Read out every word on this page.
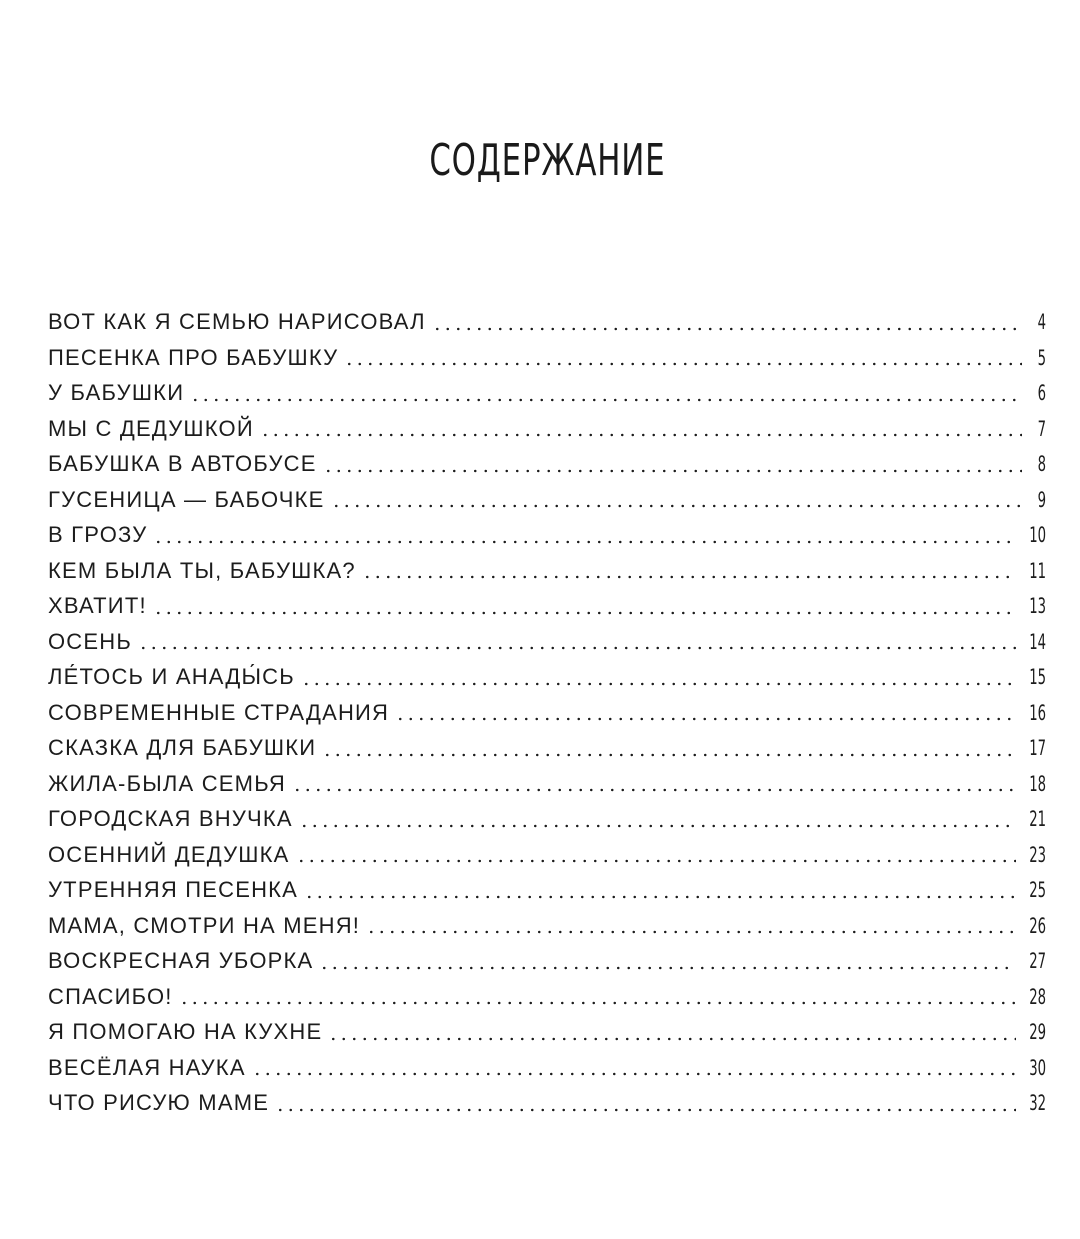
СОДЕРЖАНИЕ
ВОТ КАК Я СЕМЬЮ НАРИСОВАЛ	4
ПЕСЕНКА ПРО БАБУШКУ	5
У БАБУШКИ	6
МЫ С ДЕДУШКОЙ	7
БАБУШКА В АВТОБУСЕ	8
ГУСЕНИЦА — БАБОЧКЕ	9
В ГРОЗУ	10
КЕМ БЫЛА ТЫ, БАБУШКА?	11
ХВАТИТ!	13
ОСЕНЬ	14
ЛЕ́ТОСЬ И АНАДЫ́СЬ	15
СОВРЕМЕННЫЕ СТРАДАНИЯ	16
СКАЗКА ДЛЯ БАБУШКИ	17
ЖИЛА-БЫЛА СЕМЬЯ	18
ГОРОДСКАЯ ВНУЧКА	21
ОСЕННИЙ ДЕДУШКА	23
УТРЕННЯЯ ПЕСЕНКА	25
МАМА, СМОТРИ НА МЕНЯ!	26
ВОСКРЕСНАЯ УБОРКА	27
СПАСИБО!	28
Я ПОМОГАЮ НА КУХНЕ	29
ВЕСЁЛАЯ НАУКА	30
ЧТО РИСУЮ МАМЕ	32
